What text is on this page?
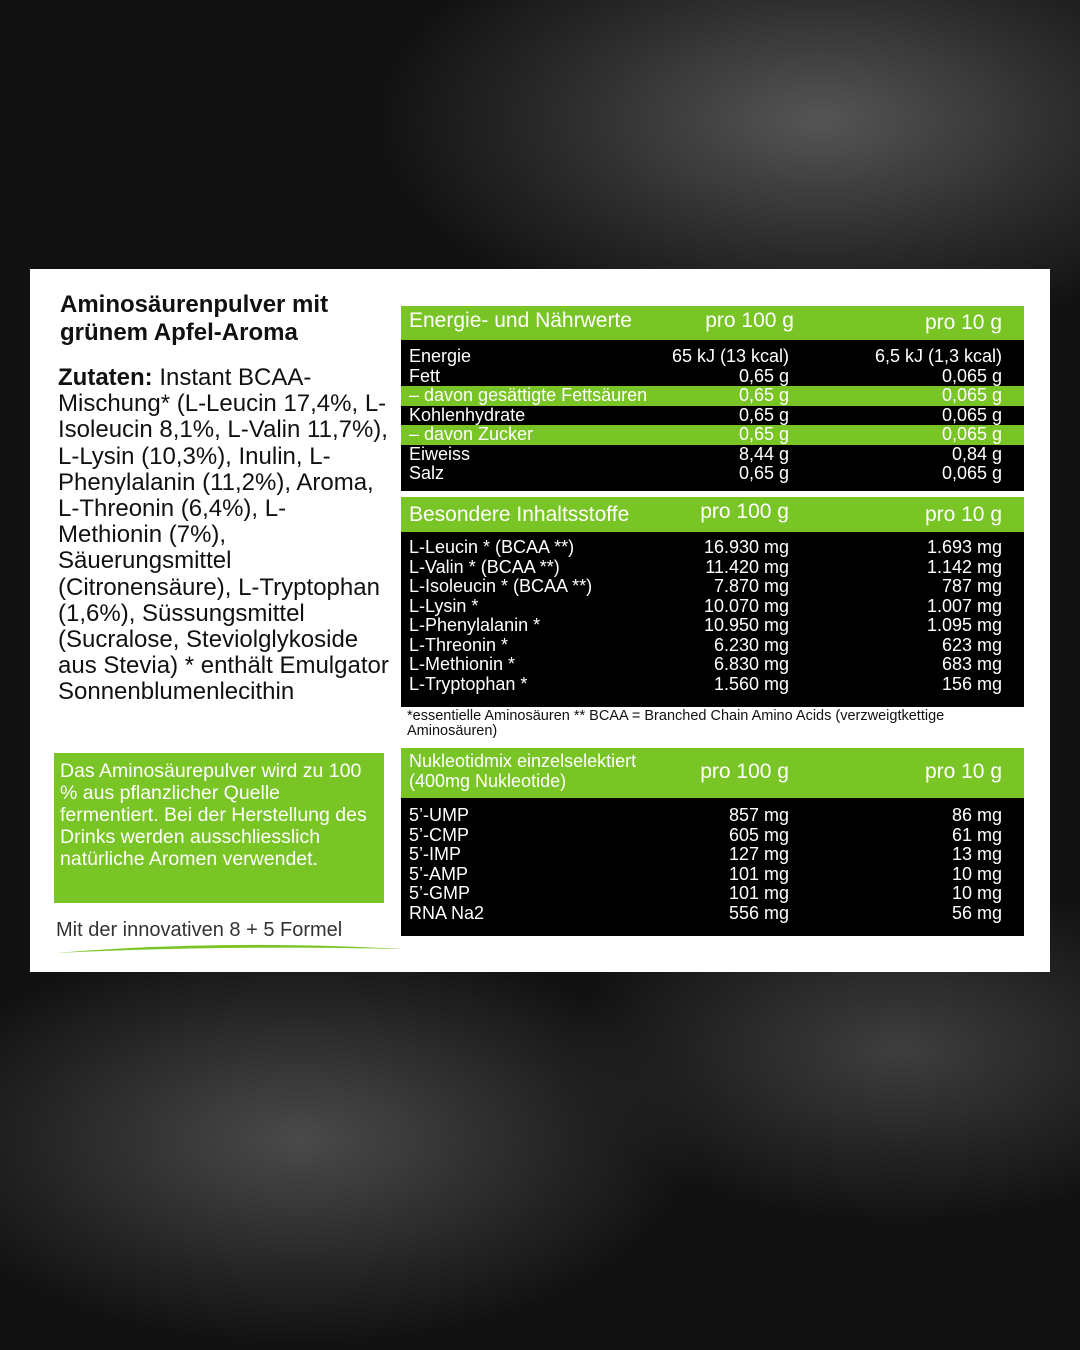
Aminosäurenpulver mit grünem Apfel-Aroma
Zutaten: Instant BCAA-Mischung* (L-Leucin 17,4%, L-Isoleucin 8,1%, L-Valin 11,7%), L-Lysin (10,3%), Inulin, L-Phenylalanin (11,2%), Aroma, L-Threonin (6,4%), L-Methionin (7%), Säuerungsmittel (Citronensäure), L-Tryptophan (1,6%), Süssungsmittel (Sucralose, Steviolglykoside aus Stevia) * enthält Emulgator Sonnenblumenlecithin
Das Aminosäurepulver wird zu 100 % aus pflanzlicher Quelle fermentiert. Bei der Herstellung des Drinks werden ausschliesslich natürliche Aromen verwendet.
Mit der innovativen 8 + 5 Formel
Energie- und Nährwerte	pro 100 g	pro 10 g
Energie	65 kJ (13 kcal)	6,5 kJ (1,3 kcal)
Fett	0,65 g	0,065 g
– davon gesättigte Fettsäuren	0,65 g	0,065 g
Kohlenhydrate	0,65 g	0,065 g
– davon Zucker	0,65 g	0,065 g
Eiweiss	8,44 g	0,84 g
Salz	0,65 g	0,065 g
Besondere Inhaltsstoffe	pro 100 g	pro 10 g
L-Leucin * (BCAA **)	16.930 mg	1.693 mg
L-Valin * (BCAA **)	11.420 mg	1.142 mg
L-Isoleucin * (BCAA **)	7.870 mg	787 mg
L-Lysin *	10.070 mg	1.007 mg
L-Phenylalanin *	10.950 mg	1.095 mg
L-Threonin *	6.230 mg	623 mg
L-Methionin *	6.830 mg	683 mg
L-Tryptophan *	1.560 mg	156 mg
*essentielle Aminosäuren ** BCAA = Branched Chain Amino Acids (verzweigtkettige Aminosäuren)
Nukleotidmix einzelselektiert
(400mg Nukleotide)	pro 100 g	pro 10 g
5’-UMP	857 mg	86 mg
5’-CMP	605 mg	61 mg
5’-IMP	127 mg	13 mg
5’-AMP	101 mg	10 mg
5’-GMP	101 mg	10 mg
RNA Na2	556 mg	56 mg
